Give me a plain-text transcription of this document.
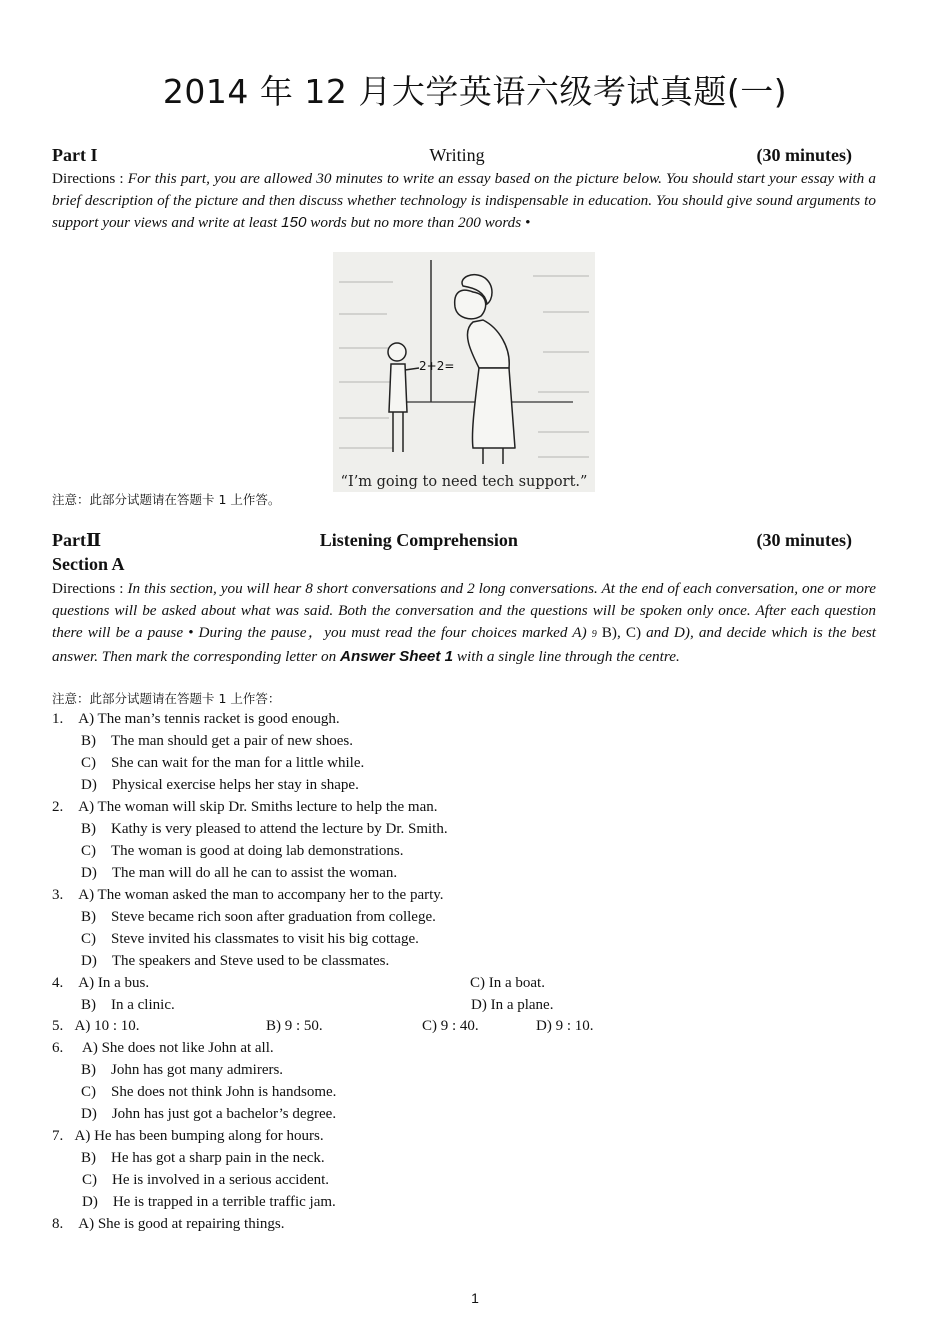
2014 年 12 月大学英语六级考试真题(一)
Part I	Writing	(30 minutes)
Directions : For this part, you are allowed 30 minutes to write an essay based on the picture below. You should start your essay with a brief description of the picture and then discuss whether technology is indispensable in education. You should give sound arguments to support your views and write at least 150 words but no more than 200 words •
2+2=
“I’m going to need tech support.”
注意：此部分试题请在答题卡 1 上作答。
PartⅡ	Listening Comprehension	(30 minutes)
Section A
Directions : In this section, you will hear 8 short conversations and 2 long conversations. At the end of each conversation, one or more questions will be asked about what was said. Both the conversation and the questions will be spoken only once. After each question there will be a pause • During the pause，you must read the four choices marked A) 9 B), C) and D), and decide which is the best answer. Then mark the corresponding letter on Answer Sheet 1 with a single line through the centre.
注意：此部分试题请在答题卡 1 上作答：
1.    A) The man’s tennis racket is good enough.
B)    The man should get a pair of new shoes.
C)    She can wait for the man for a little while.
D)    Physical exercise helps her stay in shape.
2.    A) The woman will skip Dr. Smiths lecture to help the man.
B)    Kathy is very pleased to attend the lecture by Dr. Smith.
C)    The woman is good at doing lab demonstrations.
D)    The man will do all he can to assist the woman.
3.    A) The woman asked the man to accompany her to the party.
B)    Steve became rich soon after graduation from college.
C)    Steve invited his classmates to visit his big cottage.
D)    The speakers and Steve used to be classmates.
4.    A) In a bus.	C) In a boat.
B)    In a clinic.	D) In a plane.
5.   A) 10 : 10.	B) 9 : 50.	C) 9 : 40.	D) 9 : 10.
6.     A) She does not like John at all.
B)    John has got many admirers.
C)    She does not think John is handsome.
D)    John has just got a bachelor’s degree.
7.   A) He has been bumping along for hours.
B)    He has got a sharp pain in the neck.
C)    He is involved in a serious accident.
D)    He is trapped in a terrible traffic jam.
8.    A) She is good at repairing things.
1
